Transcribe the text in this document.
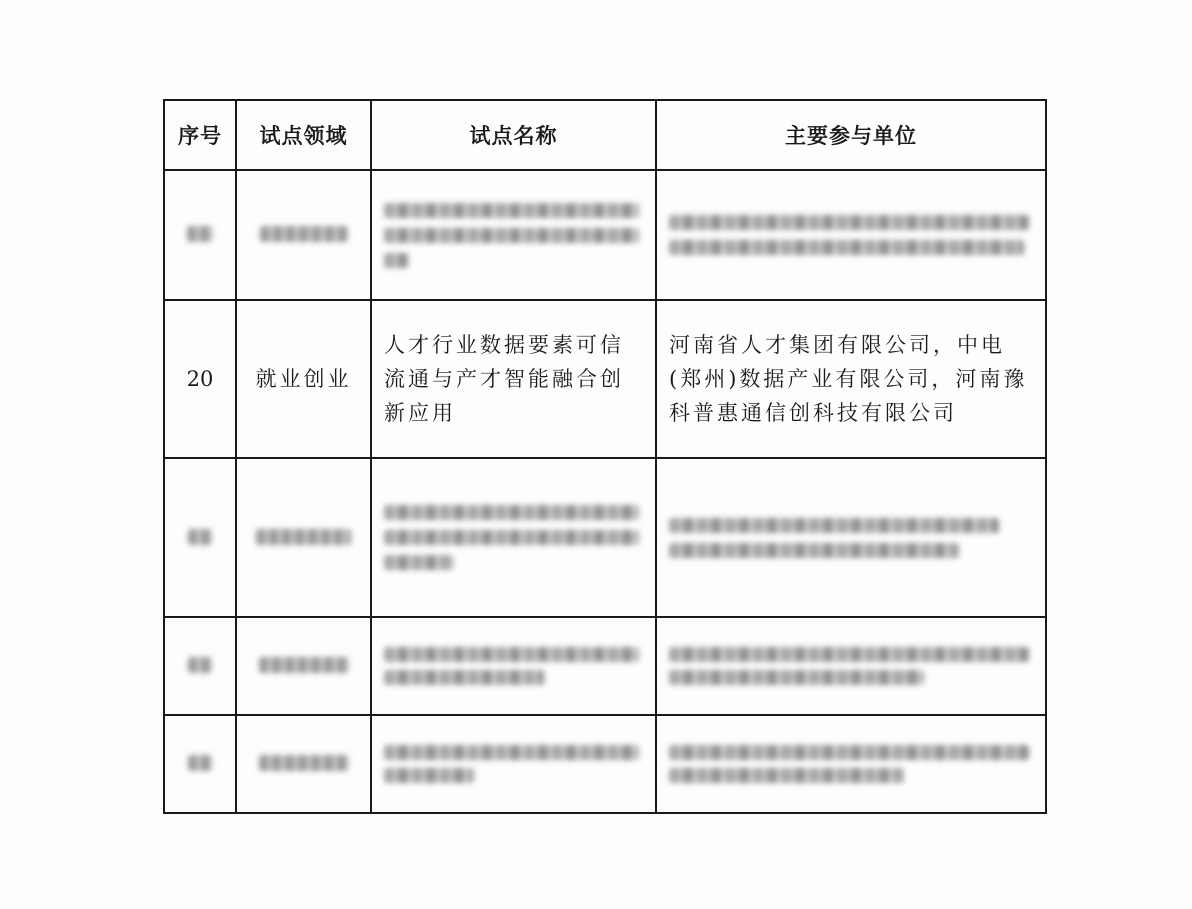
序号	试点领域	试点名称	主要参与单位

20	就业创业	人才行业数据要素可信流通与产才智能融合创新应用	河南省人才集团有限公司，中电(郑州)数据产业有限公司，河南豫科普惠通信创科技有限公司
